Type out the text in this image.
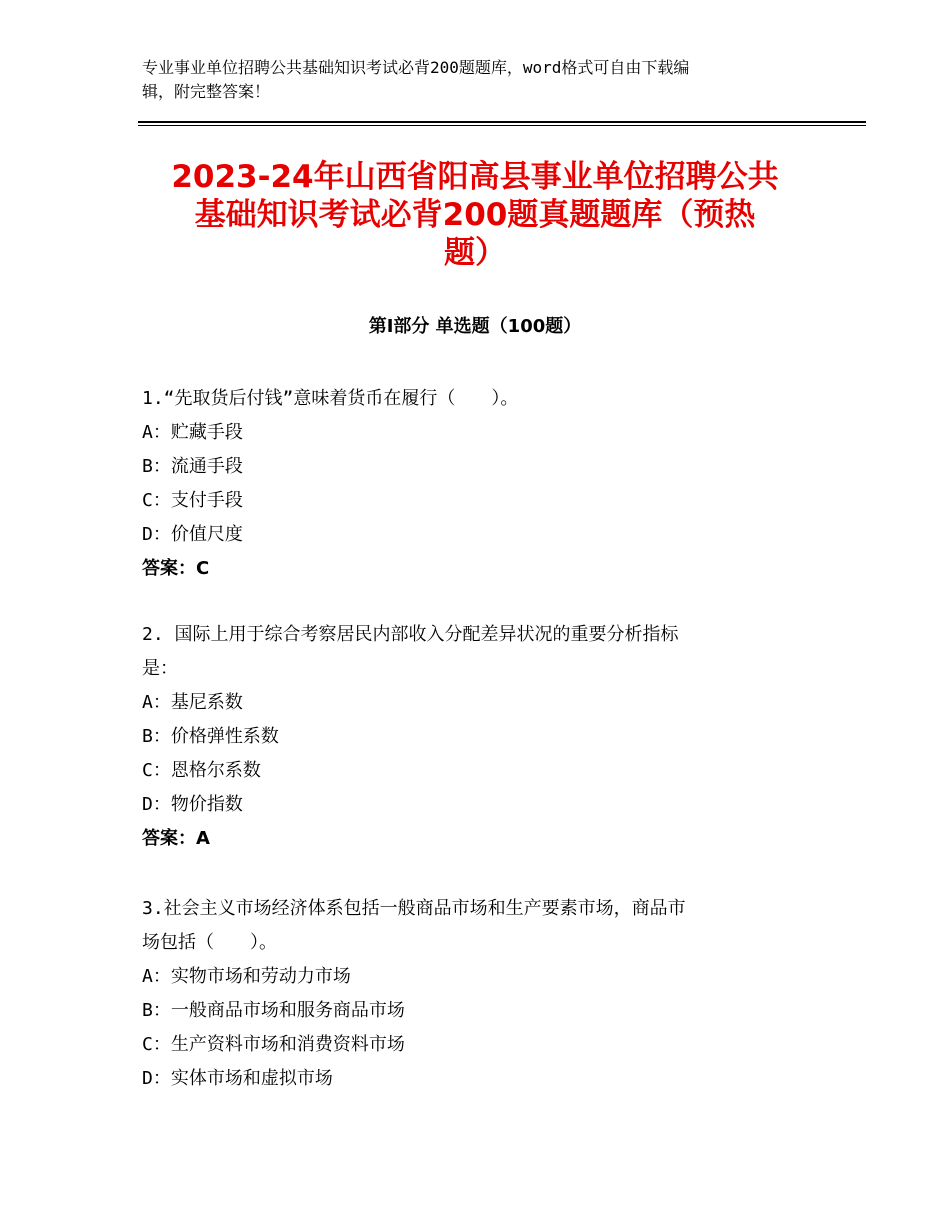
专业事业单位招聘公共基础知识考试必背200题题库，word格式可自由下载编
辑，附完整答案！
2023-24年山西省阳高县事业单位招聘公共
基础知识考试必背200题真题题库（预热
题）
第Ⅰ部分 单选题（100题）
1.“先取货后付钱”意味着货币在履行（　　）。
A：贮藏手段
B：流通手段
C：支付手段
D：价值尺度
答案：C
2. 国际上用于综合考察居民内部收入分配差异状况的重要分析指标
是：
A：基尼系数
B：价格弹性系数
C：恩格尔系数
D：物价指数
答案：A
3.社会主义市场经济体系包括一般商品市场和生产要素市场，商品市
场包括（　　）。
A：实物市场和劳动力市场
B：一般商品市场和服务商品市场
C：生产资料市场和消费资料市场
D：实体市场和虚拟市场
